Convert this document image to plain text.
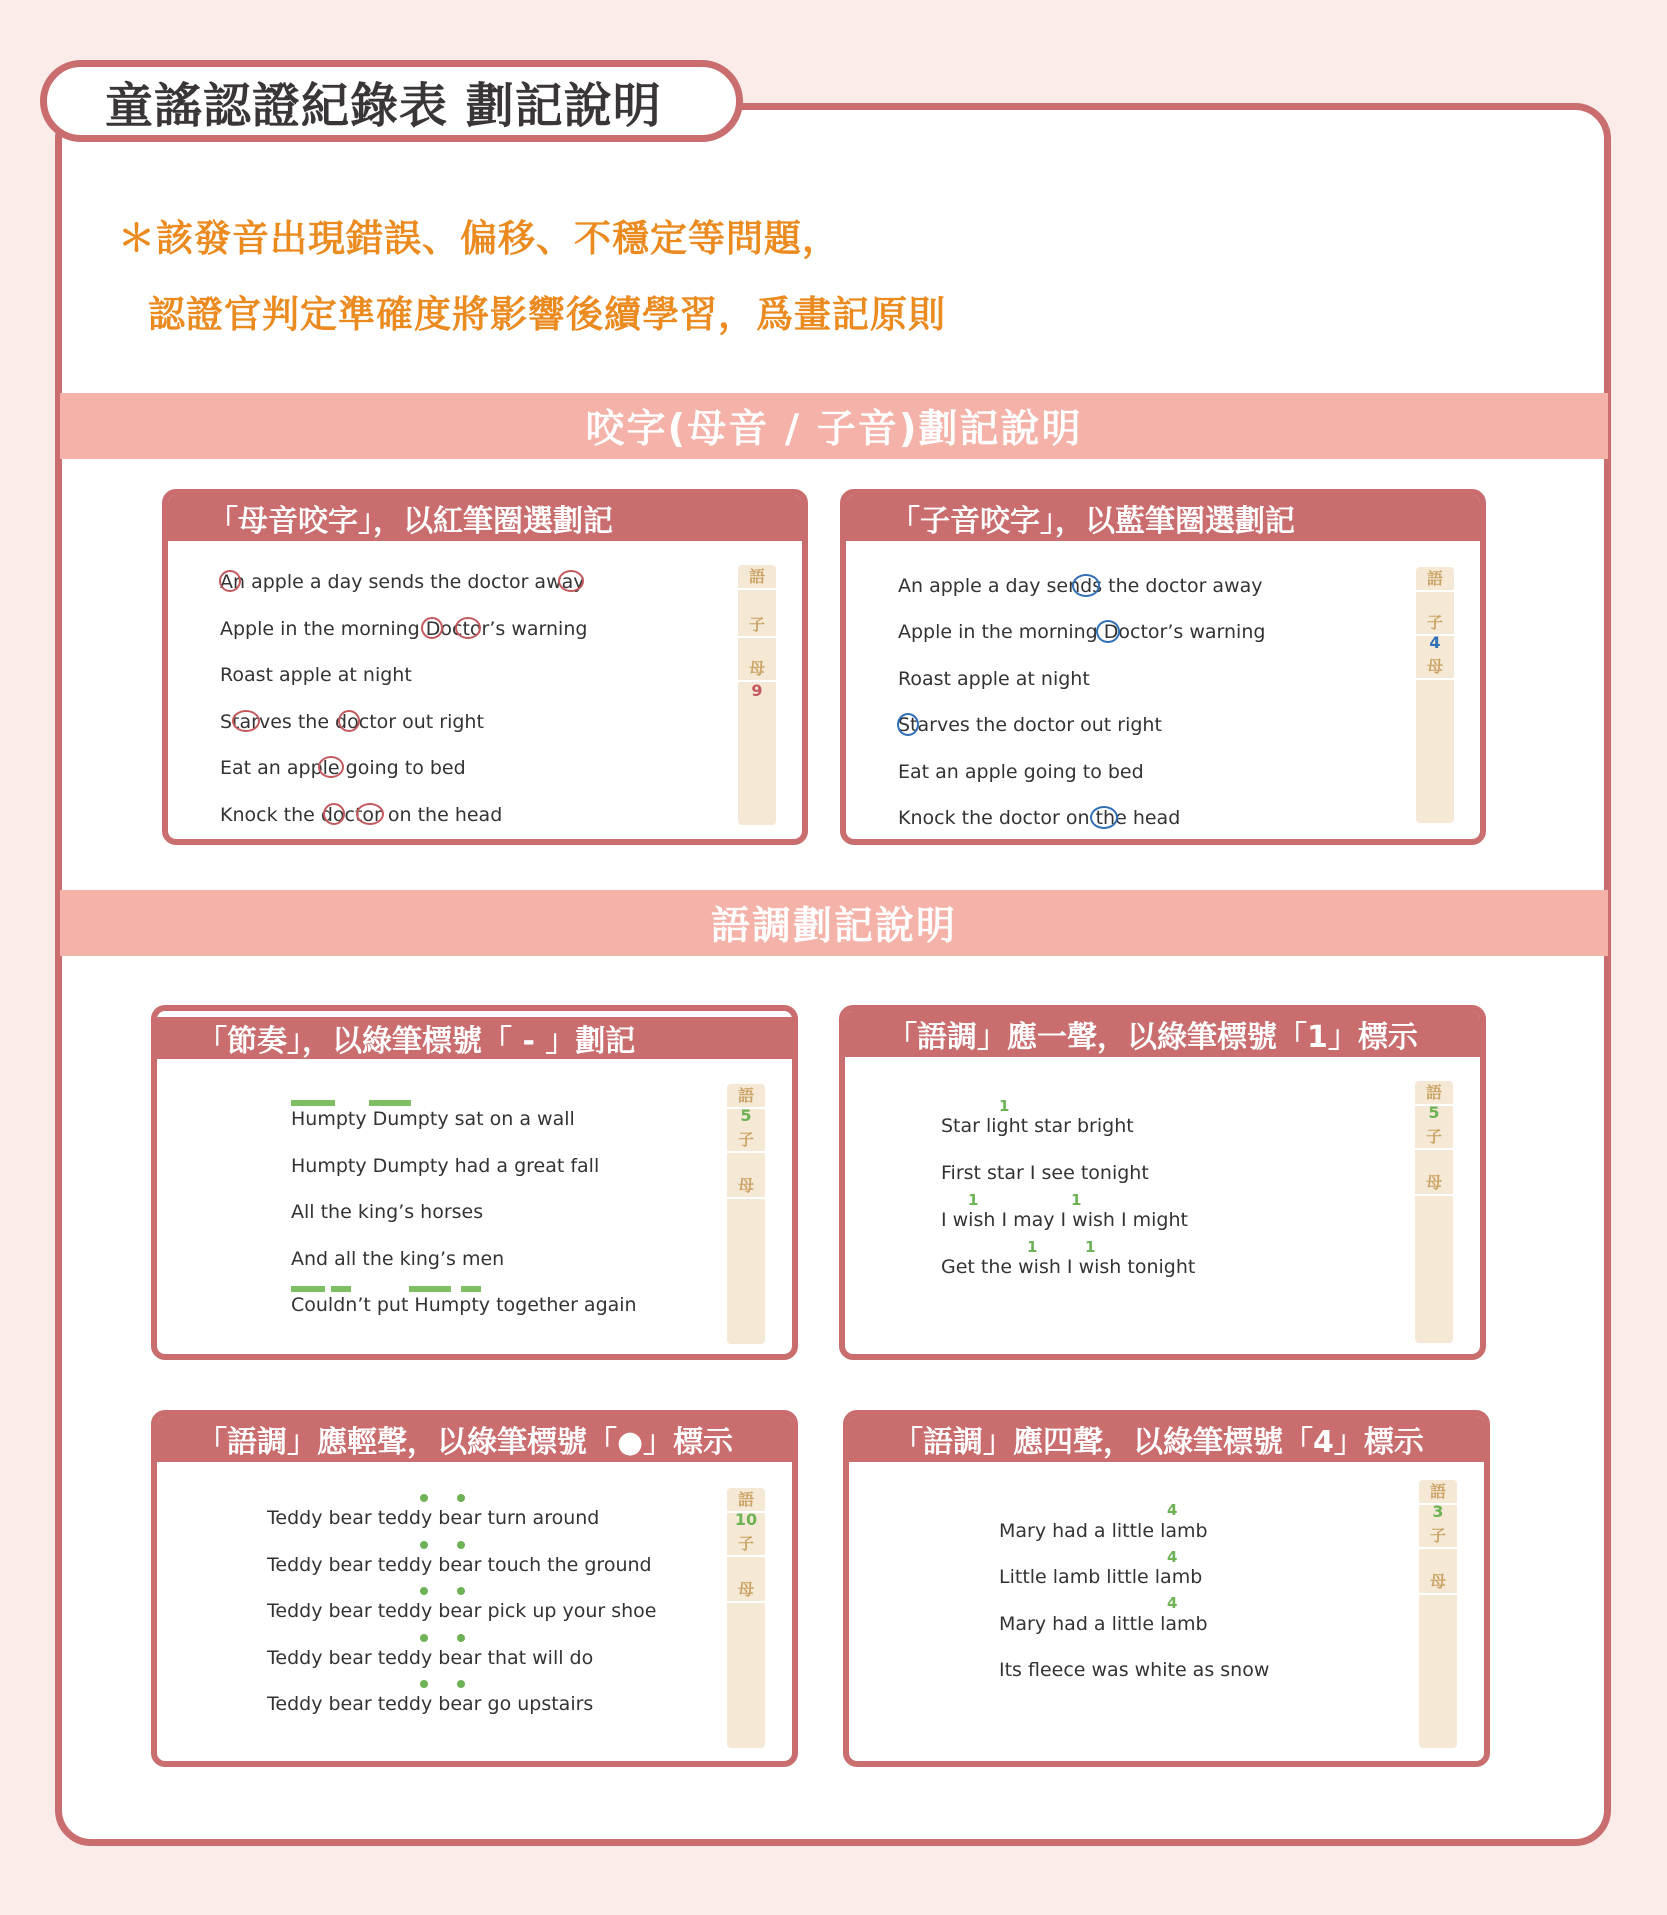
童謠認證紀錄表 劃記說明
＊該發音出現錯誤、偏移、不穩定等問題，
認證官判定準確度將影響後續學習，爲畫記原則
咬字(母音 / 子音)劃記說明
語調劃記說明
「母音咬字」，以紅筆圈選劃記
An apple a day sends the doctor away
Apple in the morning Doctor’s warning
Roast apple at night
Starves the doctor out right
Eat an apple going to bed
Knock the doctor on the head
語
子
母
9
「子音咬字」，以藍筆圈選劃記
An apple a day sends the doctor away
Apple in the morning Doctor’s warning
Roast apple at night
Starves the doctor out right
Eat an apple going to bed
Knock the doctor on the head
語
子
4
母
「節奏」，以綠筆標號「 - 」劃記
Humpty Dumpty sat on a wall
Humpty Dumpty had a great fall
All the king’s horses
And all the king’s men
Couldn’t put Humpty together again
語
5
子
母
「語調」應一聲，以綠筆標號「1」標示
1
Star light star bright
First star I see tonight
1	1
I wish I may I wish I might
1	1
Get the wish I wish tonight
語
5
子
母
「語調」應輕聲，以綠筆標號「●」標示
Teddy bear teddy bear turn around
Teddy bear teddy bear touch the ground
Teddy bear teddy bear pick up your shoe
Teddy bear teddy bear that will do
Teddy bear teddy bear go upstairs
語
10
子
母
「語調」應四聲，以綠筆標號「4」標示
4
Mary had a little lamb
4
Little lamb little lamb
4
Mary had a little lamb
Its fleece was white as snow
語
3
子
母
